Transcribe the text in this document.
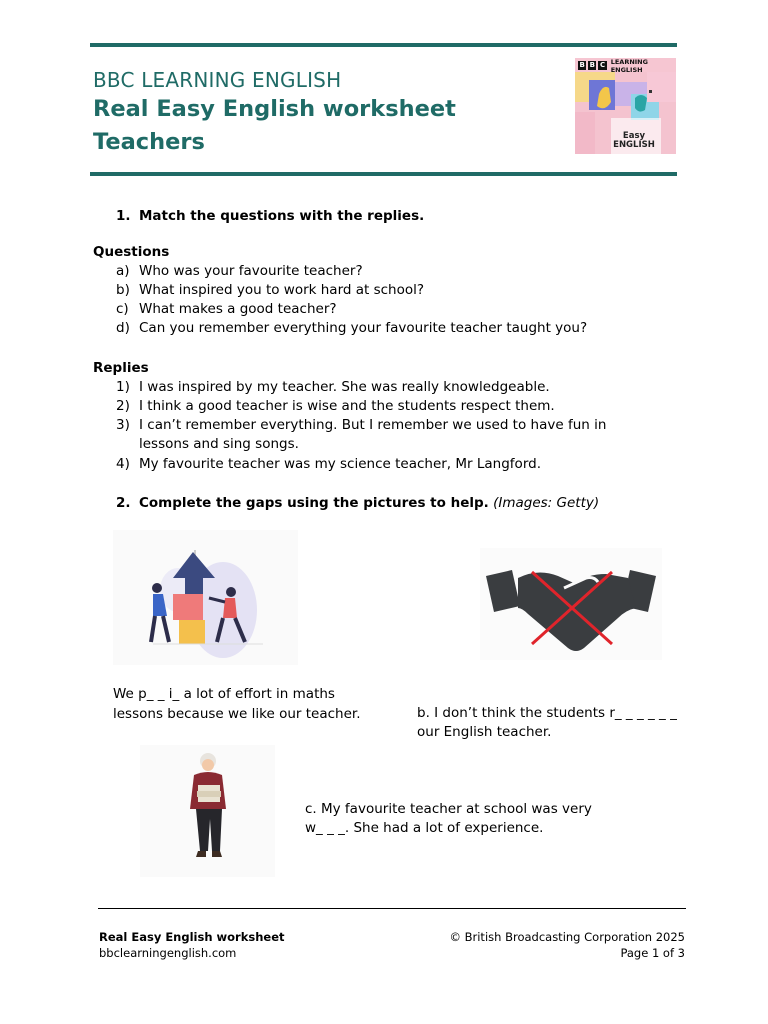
BBC LEARNING ENGLISH
Real Easy English worksheet
Teachers
B B C LEARNING ENGLISH
Easy
ENGLISH
1. Match the questions with the replies.
Questions
a) Who was your favourite teacher?
b) What inspired you to work hard at school?
c) What makes a good teacher?
d) Can you remember everything your favourite teacher taught you?
Replies
1) I was inspired by my teacher. She was really knowledgeable.
2) I think a good teacher is wise and the students respect them.
3) I can’t remember everything. But I remember we used to have fun in
lessons and sing songs.
4) My favourite teacher was my science teacher, Mr Langford.
2. Complete the gaps using the pictures to help. (Images: Getty)
We p_ _ i_ a lot of effort in maths
lessons because we like our teacher.	b. I don’t think the students r_ _ _ _ _ _
our English teacher.
c. My favourite teacher at school was very
w_ _ _. She had a lot of experience.
Real Easy English worksheet
bbclearningenglish.com
© British Broadcasting Corporation 2025
Page 1 of 3
